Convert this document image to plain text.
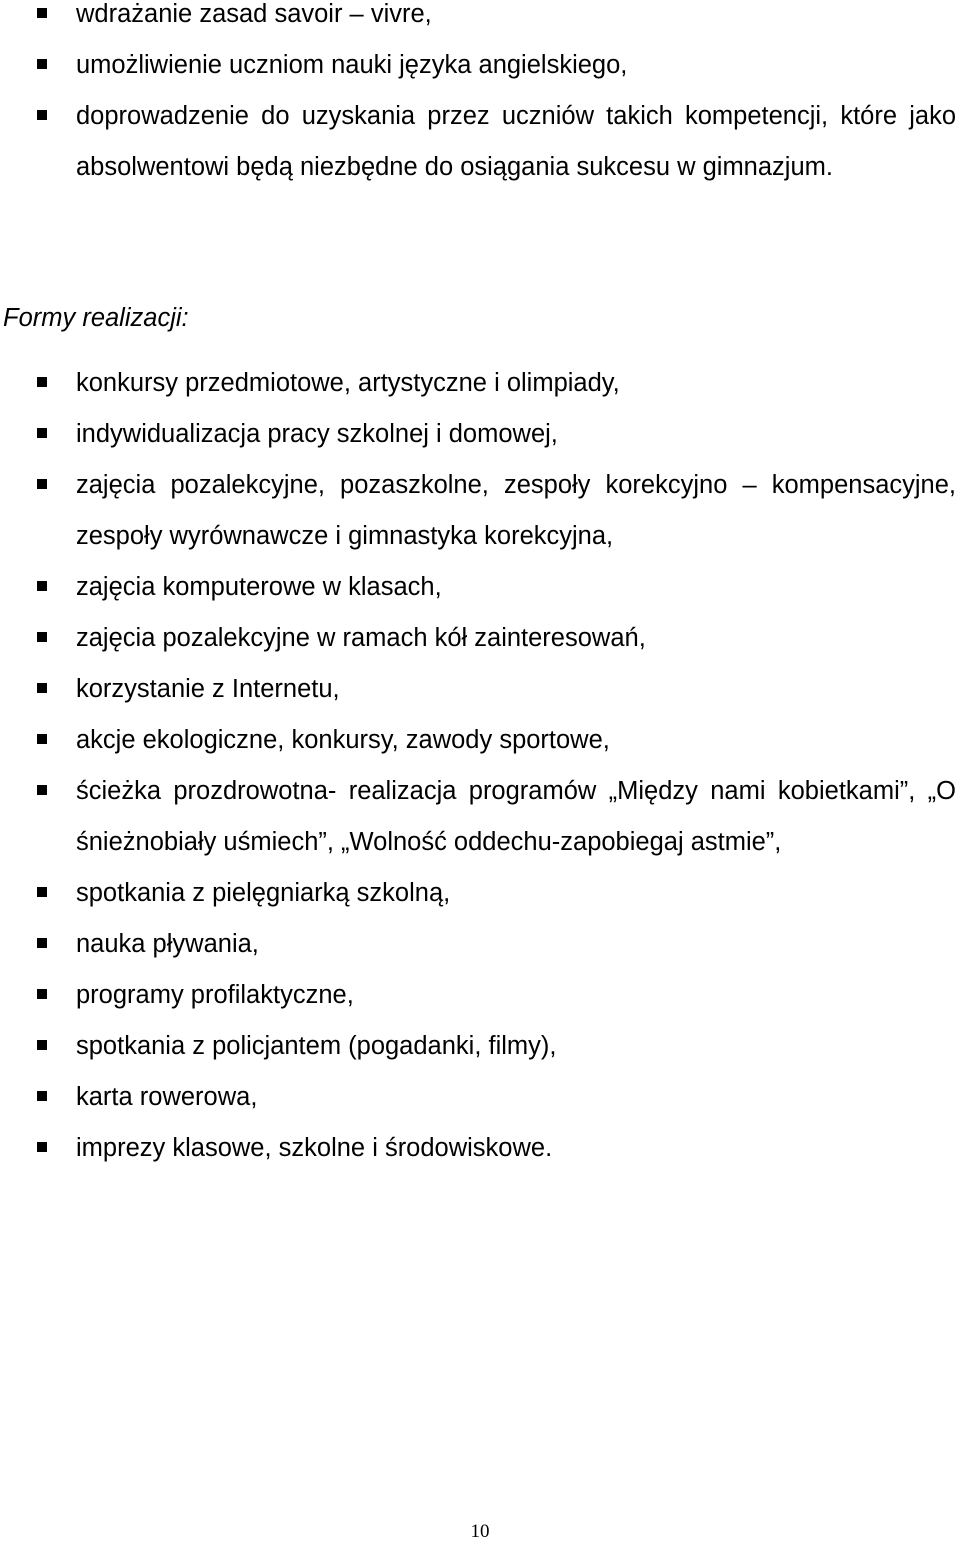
wdrażanie zasad savoir – vivre,
umożliwienie uczniom nauki języka angielskiego,
doprowadzenie do uzyskania przez uczniów takich kompetencji, które jako absolwentowi będą niezbędne do osiągania sukcesu w gimnazjum.
Formy realizacji:
konkursy przedmiotowe, artystyczne i olimpiady,
indywidualizacja pracy szkolnej i domowej,
zajęcia pozalekcyjne, pozaszkolne, zespoły korekcyjno – kompensacyjne, zespoły wyrównawcze i gimnastyka korekcyjna,
zajęcia komputerowe w klasach,
zajęcia pozalekcyjne w ramach kół zainteresowań,
korzystanie z Internetu,
akcje ekologiczne, konkursy, zawody sportowe,
ścieżka prozdrowotna- realizacja programów „Między nami kobietkami”, „O śnieżnobiały uśmiech”, „Wolność oddechu-zapobiegaj astmie”,
spotkania z pielęgniarką szkolną,
nauka pływania,
programy profilaktyczne,
spotkania z policjantem (pogadanki, filmy),
karta rowerowa,
imprezy klasowe, szkolne i środowiskowe.
10
